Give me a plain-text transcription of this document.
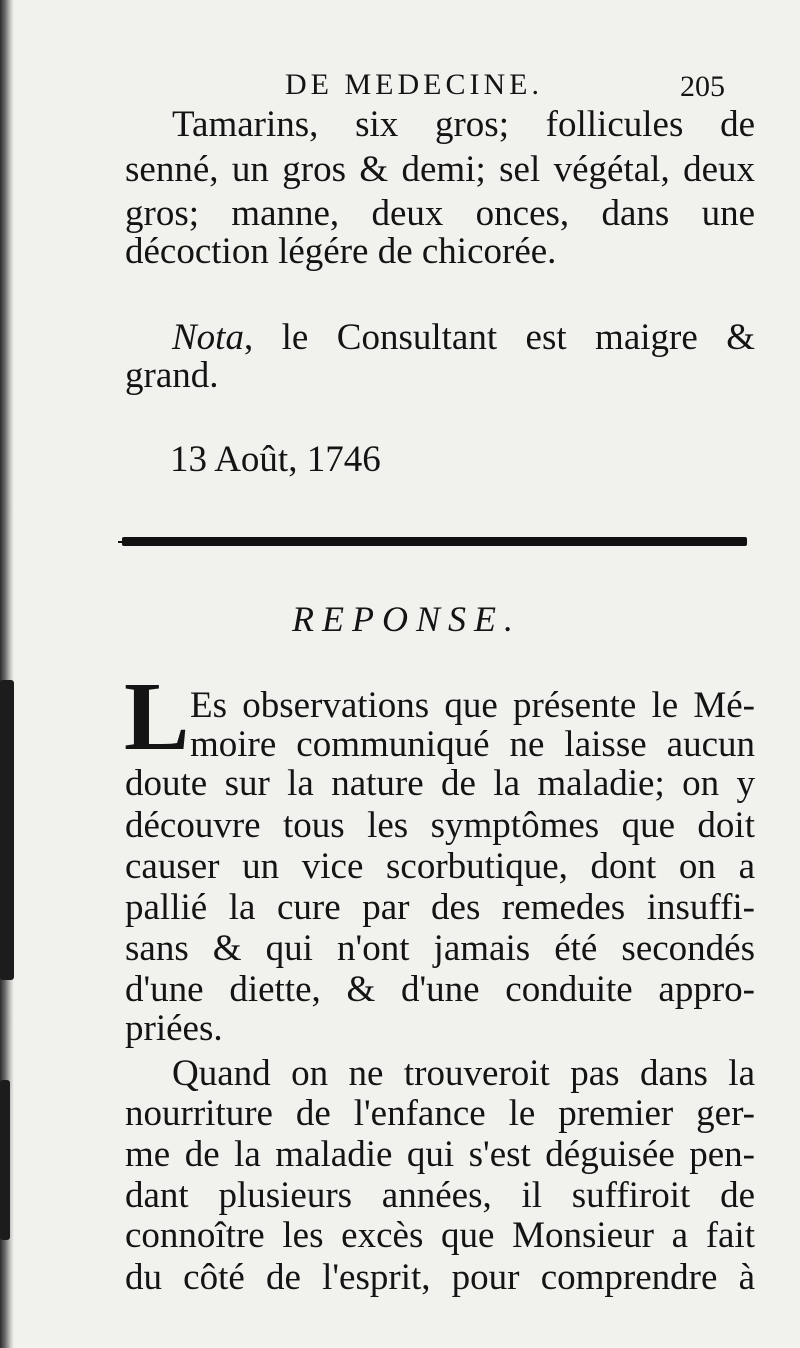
DE MEDECINE.	205
Tamarins, six gros; follicules de
senné, un gros & demi; sel végétal, deux
gros; manne, deux onces, dans une
décoction légére de chicorée.
Nota, le Consultant est maigre &
grand.
13 Août, 1746
REPONSE.
L Es observations que présente le Mé-
moire communiqué ne laisse aucun
doute sur la nature de la maladie; on y
découvre tous les symptômes que doit
causer un vice scorbutique, dont on a
pallié la cure par des remedes insuffi-
sans & qui n'ont jamais été secondés
d'une diette, & d'une conduite appro-
priées.
Quand on ne trouveroit pas dans la
nourriture de l'enfance le premier ger-
me de la maladie qui s'est déguisée pen-
dant plusieurs années, il suffiroit de
connoître les excès que Monsieur a fait
du côté de l'esprit, pour comprendre à
